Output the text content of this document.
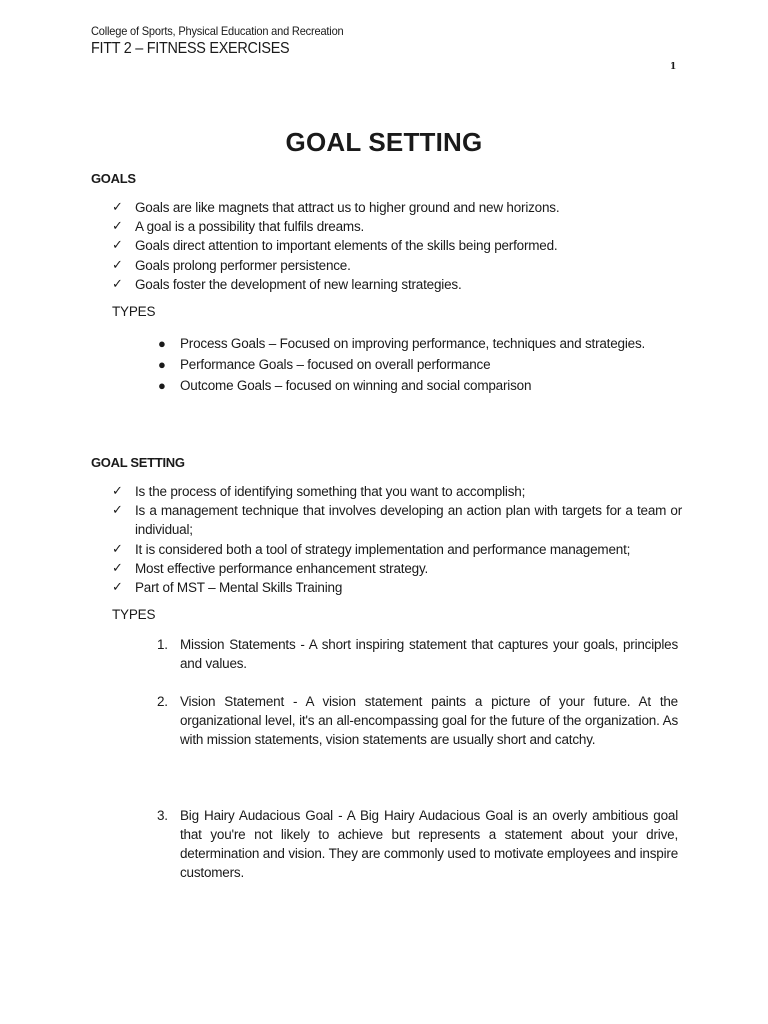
College of Sports, Physical Education and Recreation
FITT 2 – FITNESS EXERCISES
1
GOAL SETTING
GOALS
✓ Goals are like magnets that attract us to higher ground and new horizons.
✓ A goal is a possibility that fulfils dreams.
✓ Goals direct attention to important elements of the skills being performed.
✓ Goals prolong performer persistence.
✓ Goals foster the development of new learning strategies.
TYPES
● Process Goals – Focused on improving performance, techniques and strategies.
● Performance Goals – focused on overall performance
● Outcome Goals – focused on winning and social comparison
GOAL SETTING
✓ Is the process of identifying something that you want to accomplish;
✓ Is a management technique that involves developing an action plan with targets for a team or individual;
✓ It is considered both a tool of strategy implementation and performance management;
✓ Most effective performance enhancement strategy.
✓ Part of MST – Mental Skills Training
TYPES
1. Mission Statements - A short inspiring statement that captures your goals, principles and values.
2. Vision Statement - A vision statement paints a picture of your future. At the organizational level, it's an all-encompassing goal for the future of the organization. As with mission statements, vision statements are usually short and catchy.
3. Big Hairy Audacious Goal - A Big Hairy Audacious Goal is an overly ambitious goal that you're not likely to achieve but represents a statement about your drive, determination and vision. They are commonly used to motivate employees and inspire customers.
